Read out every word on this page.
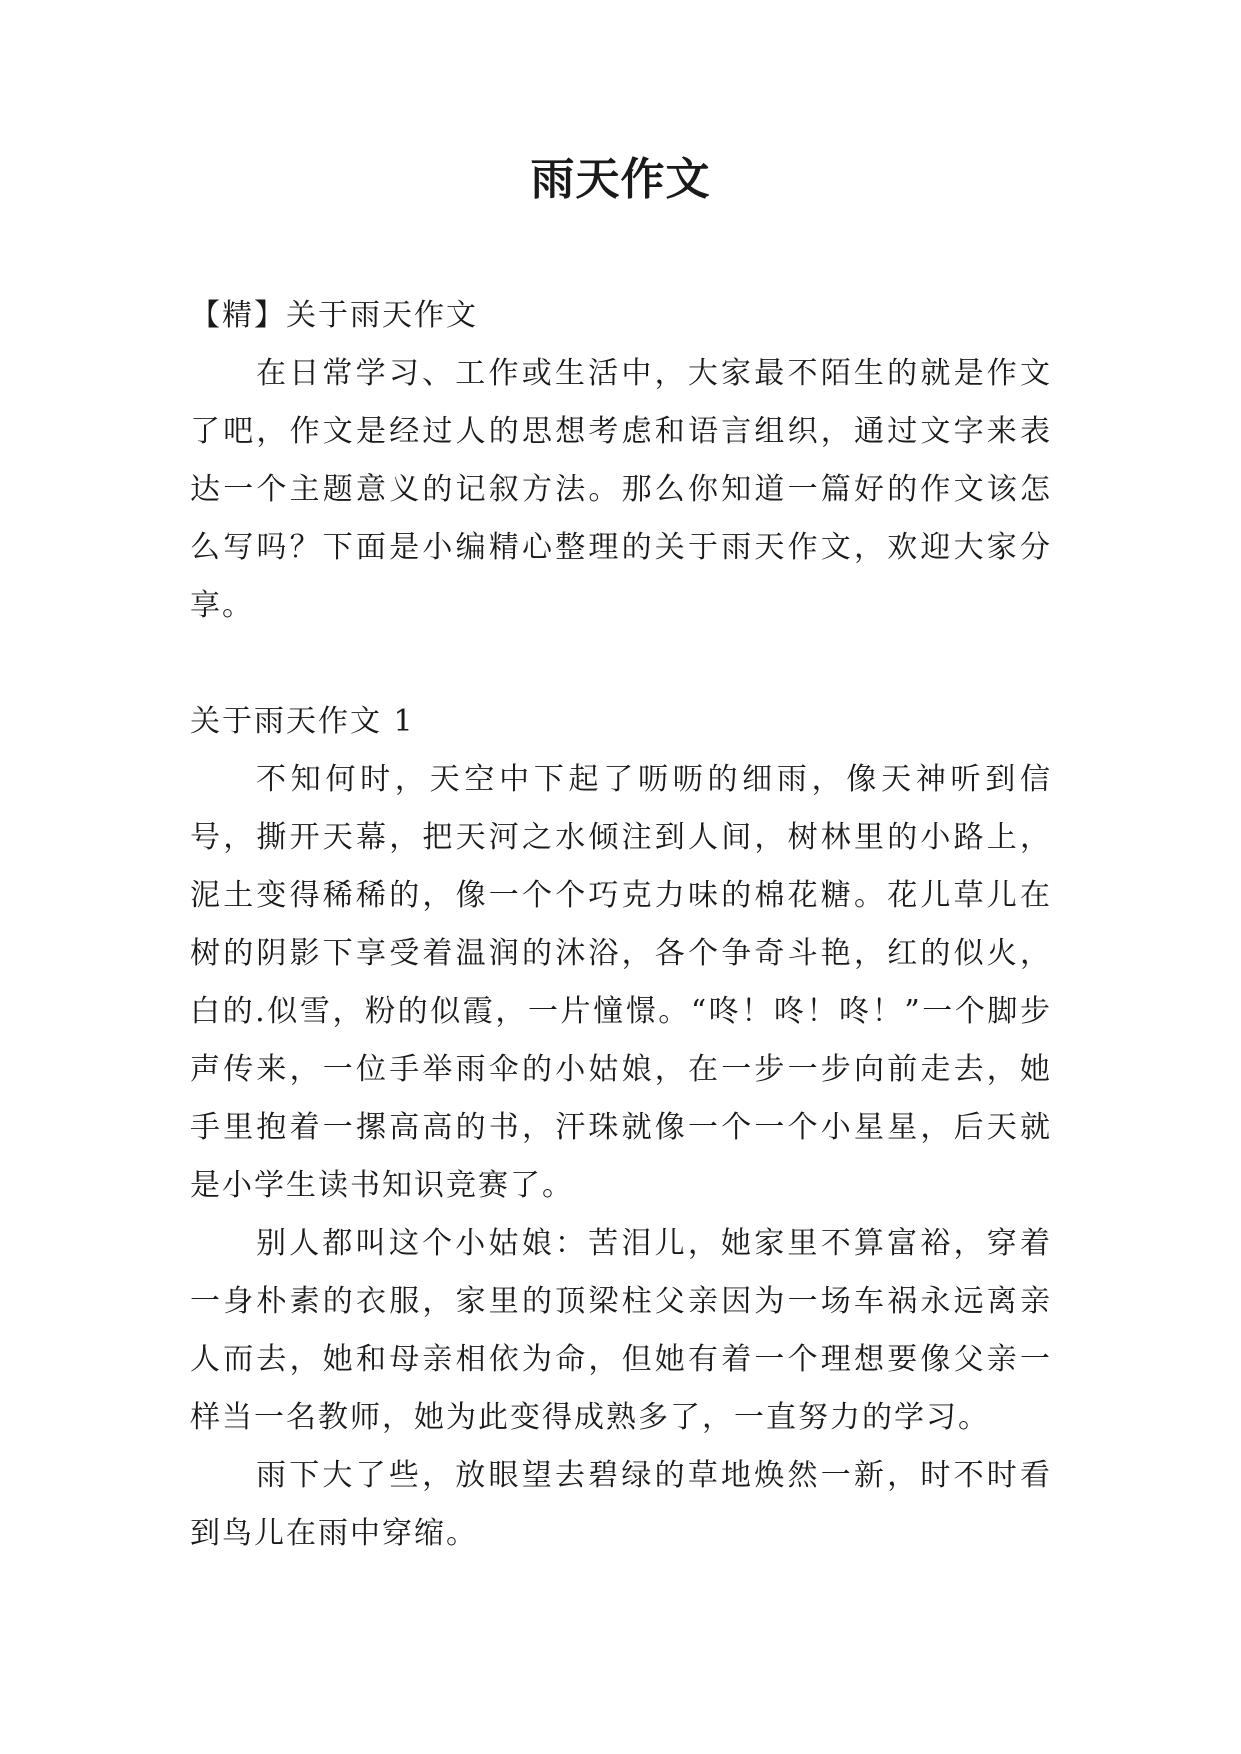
雨天作文

【精】关于雨天作文

在日常学习、工作或生活中，大家最不陌生的就是作文了吧，作文是经过人的思想考虑和语言组织，通过文字来表达一个主题意义的记叙方法。那么你知道一篇好的作文该怎么写吗？下面是小编精心整理的关于雨天作文，欢迎大家分享。

关于雨天作文 1

不知何时，天空中下起了呖呖的细雨，像天神听到信号，撕开天幕，把天河之水倾注到人间，树林里的小路上，泥土变得稀稀的，像一个个巧克力味的棉花糖。花儿草儿在树的阴影下享受着温润的沐浴，各个争奇斗艳，红的似火，白的.似雪，粉的似霞，一片憧憬。“咚！咚！咚！”一个脚步声传来，一位手举雨伞的小姑娘，在一步一步向前走去，她手里抱着一摞高高的书，汗珠就像一个一个小星星，后天就是小学生读书知识竞赛了。

别人都叫这个小姑娘：苦泪儿，她家里不算富裕，穿着一身朴素的衣服，家里的顶梁柱父亲因为一场车祸永远离亲人而去，她和母亲相依为命，但她有着一个理想要像父亲一样当一名教师，她为此变得成熟多了，一直努力的学习。

雨下大了些，放眼望去碧绿的草地焕然一新，时不时看到鸟儿在雨中穿缩。
